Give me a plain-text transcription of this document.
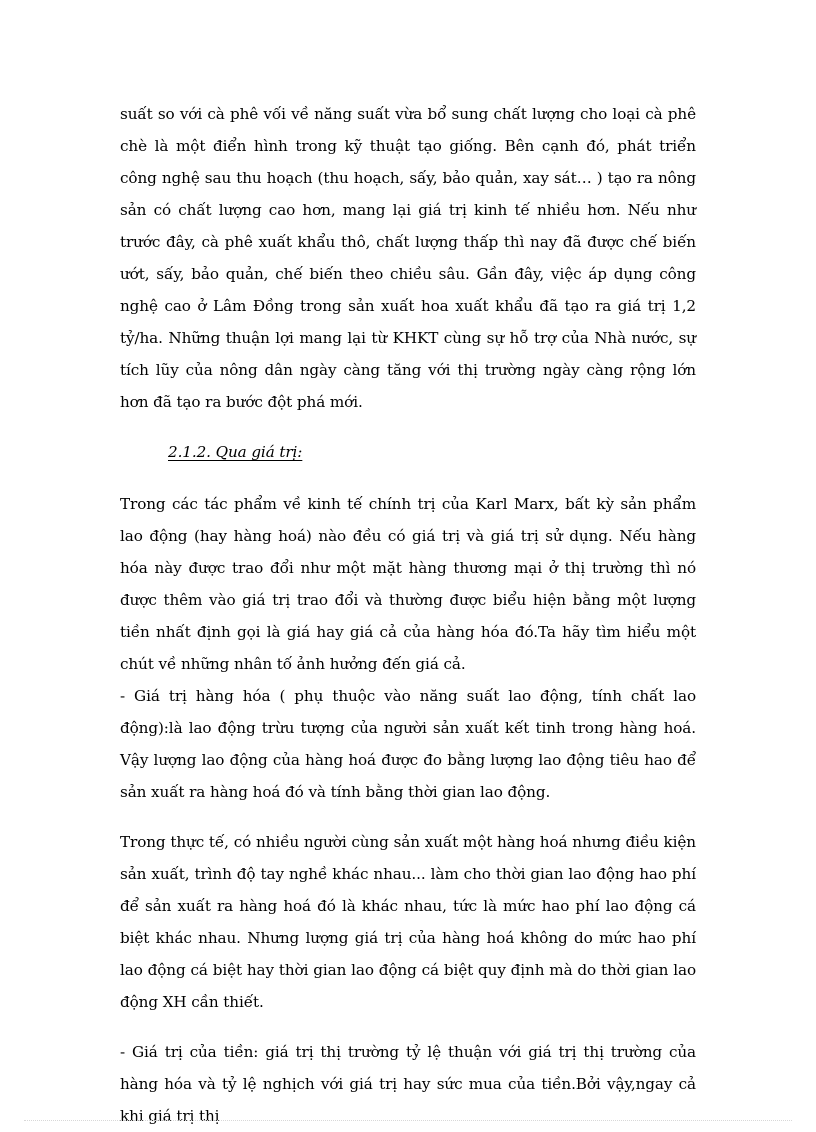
suất so với cà phê vối về năng suất vừa bổ sung chất lượng cho loại cà phê chè là một điển hình trong kỹ thuật tạo giống. Bên cạnh đó, phát triển công nghệ sau thu hoạch (thu hoạch, sấy, bảo quản, xay sát… ) tạo ra nông sản có chất lượng cao hơn, mang lại giá trị kinh tế nhiều hơn. Nếu như trước đây, cà phê xuất khẩu thô, chất lượng thấp thì nay đã được chế biến ướt, sấy, bảo quản, chế biến theo chiều sâu. Gần đây, việc áp dụng công nghệ cao ở Lâm Đồng trong sản xuất hoa xuất khẩu đã tạo ra giá trị 1,2 tỷ/ha. Những thuận lợi mang lại từ KHKT cùng sự hỗ trợ của Nhà nước, sự tích lũy của nông dân ngày càng tăng với thị trường ngày càng rộng lớn hơn đã tạo ra bước đột phá mới.

2.1.2. Qua giá trị:

Trong các tác phẩm về kinh tế chính trị của Karl Marx, bất kỳ sản phẩm lao động (hay hàng hoá) nào đều có giá trị và giá trị sử dụng. Nếu hàng hóa này được trao đổi như một mặt hàng thương mại ở thị trường thì nó được thêm vào giá trị trao đổi và thường được biểu hiện bằng một lượng tiền nhất định gọi là giá hay giá cả của hàng hóa đó.Ta hãy tìm hiểu một chút về những nhân tố ảnh hưởng đến giá cả.

- Giá trị hàng hóa ( phụ thuộc vào năng suất lao động, tính chất lao động):là lao động trừu tượng của người sản xuất kết tinh trong hàng hoá. Vậy lượng lao động của hàng hoá được đo bằng lượng lao động tiêu hao để sản xuất ra hàng hoá đó và tính bằng thời gian lao động.

Trong thực tế, có nhiều người cùng sản xuất một hàng hoá nhưng điều kiện sản xuất, trình độ tay nghề khác nhau... làm cho thời gian lao động hao phí để sản xuất ra hàng hoá đó là khác nhau, tức là mức hao phí lao động cá biệt khác nhau. Nhưng lượng giá trị của hàng hoá không do mức hao phí lao động cá biệt hay thời gian lao động cá biệt quy định mà do thời gian lao động XH cần thiết.

- Giá trị của tiền: giá trị thị trường tỷ lệ thuận với giá trị thị trường của hàng hóa và tỷ lệ nghịch với giá trị hay sức mua của tiền.Bởi vậy,ngay cả khi giá trị thị
